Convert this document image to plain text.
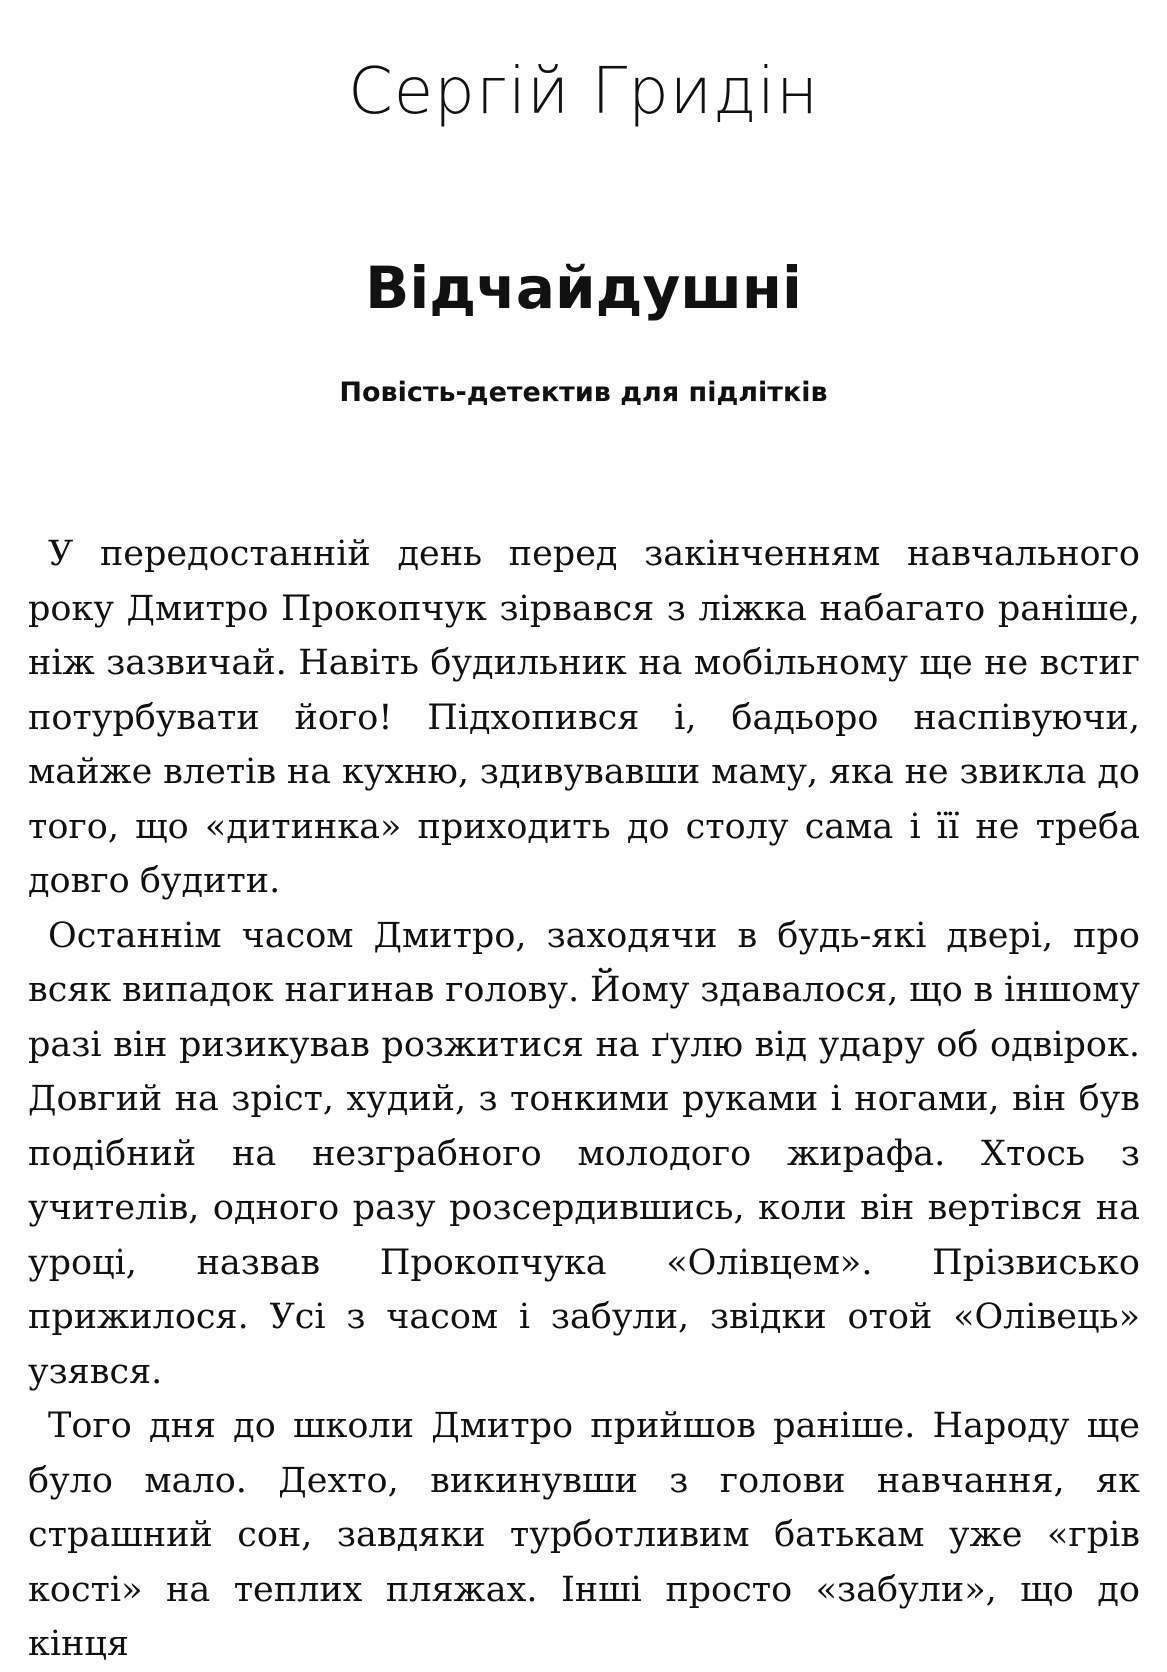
Сергій Гридін
Відчайдушні
Повість-детектив для підлітків

У передостанній день перед закінченням навчального року Дмитро Прокопчук зірвався з ліжка набагато раніше, ніж зазвичай. Навіть будильник на мобільному ще не встиг потурбувати його! Підхопився і, бадьоро наспівуючи, майже влетів на кухню, здивувавши маму, яка не звикла до того, що «дитинка» приходить до столу сама і її не треба довго будити.

Останнім часом Дмитро, заходячи в будь-які двері, про всяк випадок нагинав голову. Йому здавалося, що в іншому разі він ризикував розжитися на ґулю від удару об одвірок. Довгий на зріст, худий, з тонкими руками і ногами, він був подібний на незграбного молодого жирафа. Хтось з учителів, одного разу розсердившись, коли він вертівся на уроці, назвав Прокопчука «Олівцем». Прізвисько прижилося. Усі з часом і забули, звідки отой «Олівець» узявся.

Того дня до школи Дмитро прийшов раніше. Народу ще було мало. Дехто, викинувши з голови навчання, як страшний сон, завдяки турботливим батькам уже «грів кості» на теплих пляжах. Інші просто «забули», що до кінця
